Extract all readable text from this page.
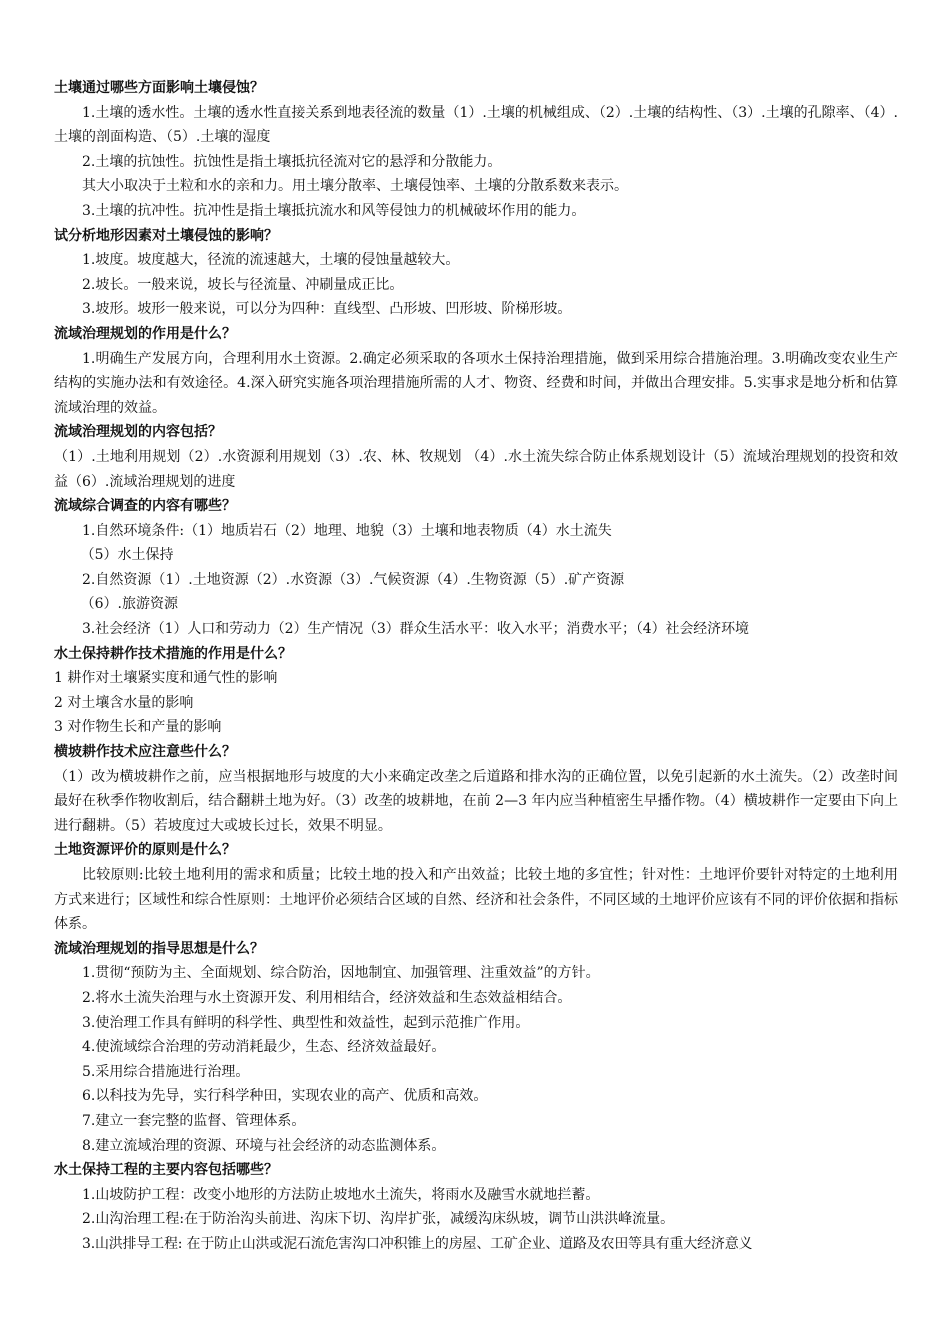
土壤通过哪些方面影响土壤侵蚀？

1.土壤的透水性。土壤的透水性直接关系到地表径流的数量（1）.土壤的机械组成、（2）.土壤的结构性、（3）.土壤的孔隙率、（4）.土壤的剖面构造、（5）.土壤的湿度

2.土壤的抗蚀性。抗蚀性是指土壤抵抗径流对它的悬浮和分散能力。

其大小取决于土粒和水的亲和力。用土壤分散率、土壤侵蚀率、土壤的分散系数来表示。

3.土壤的抗冲性。抗冲性是指土壤抵抗流水和风等侵蚀力的机械破坏作用的能力。

试分析地形因素对土壤侵蚀的影响？

1.坡度。坡度越大，径流的流速越大，土壤的侵蚀量越较大。

2.坡长。一般来说，坡长与径流量、冲刷量成正比。

3.坡形。坡形一般来说，可以分为四种：直线型、凸形坡、凹形坡、阶梯形坡。

流域治理规划的作用是什么？

1.明确生产发展方向，合理利用水土资源。2.确定必须采取的各项水土保持治理措施，做到采用综合措施治理。3.明确改变农业生产结构的实施办法和有效途径。4.深入研究实施各项治理措施所需的人才、物资、经费和时间，并做出合理安排。5.实事求是地分析和估算流域治理的效益。

流域治理规划的内容包括？

（1）.土地利用规划（2）.水资源利用规划（3）.农、林、牧规划 （4）.水土流失综合防止体系规划设计（5）流域治理规划的投资和效益（6）.流域治理规划的进度

流域综合调查的内容有哪些？

1.自然环境条件:（1）地质岩石（2）地理、地貌（3）土壤和地表物质（4）水土流失

（5）水土保持

2.自然资源（1）.土地资源（2）.水资源（3）.气候资源（4）.生物资源（5）.矿产资源

（6）.旅游资源

3.社会经济（1）人口和劳动力（2）生产情况（3）群众生活水平：收入水平；消费水平；（4）社会经济环境

水土保持耕作技术措施的作用是什么？

1 耕作对土壤紧实度和通气性的影响

2 对土壤含水量的影响

3 对作物生长和产量的影响

横坡耕作技术应注意些什么？

（1）改为横坡耕作之前，应当根据地形与坡度的大小来确定改垄之后道路和排水沟的正确位置，以免引起新的水土流失。（2）改垄时间最好在秋季作物收割后，结合翻耕土地为好。（3）改垄的坡耕地，在前 2—3 年内应当种植密生早播作物。（4）横坡耕作一定要由下向上进行翻耕。（5）若坡度过大或坡长过长，效果不明显。

土地资源评价的原则是什么？

比较原则:比较土地利用的需求和质量；比较土地的投入和产出效益；比较土地的多宜性；针对性：土地评价要针对特定的土地利用方式来进行；区域性和综合性原则：土地评价必须结合区域的自然、经济和社会条件，不同区域的土地评价应该有不同的评价依据和指标体系。

流域治理规划的指导思想是什么？

1.贯彻“预防为主、全面规划、综合防治，因地制宜、加强管理、注重效益”的方针。

2.将水土流失治理与水土资源开发、利用相结合，经济效益和生态效益相结合。

3.使治理工作具有鲜明的科学性、典型性和效益性，起到示范推广作用。

4.使流域综合治理的劳动消耗最少，生态、经济效益最好。

5.采用综合措施进行治理。

6.以科技为先导，实行科学种田，实现农业的高产、优质和高效。

7.建立一套完整的监督、管理体系。

8.建立流域治理的资源、环境与社会经济的动态监测体系。

水土保持工程的主要内容包括哪些？

1.山坡防护工程：改变小地形的方法防止坡地水土流失，将雨水及融雪水就地拦蓄。

2.山沟治理工程:在于防治沟头前进、沟床下切、沟岸扩张，减缓沟床纵坡，调节山洪洪峰流量。

3.山洪排导工程: 在于防止山洪或泥石流危害沟口冲积锥上的房屋、工矿企业、道路及农田等具有重大经济意义
